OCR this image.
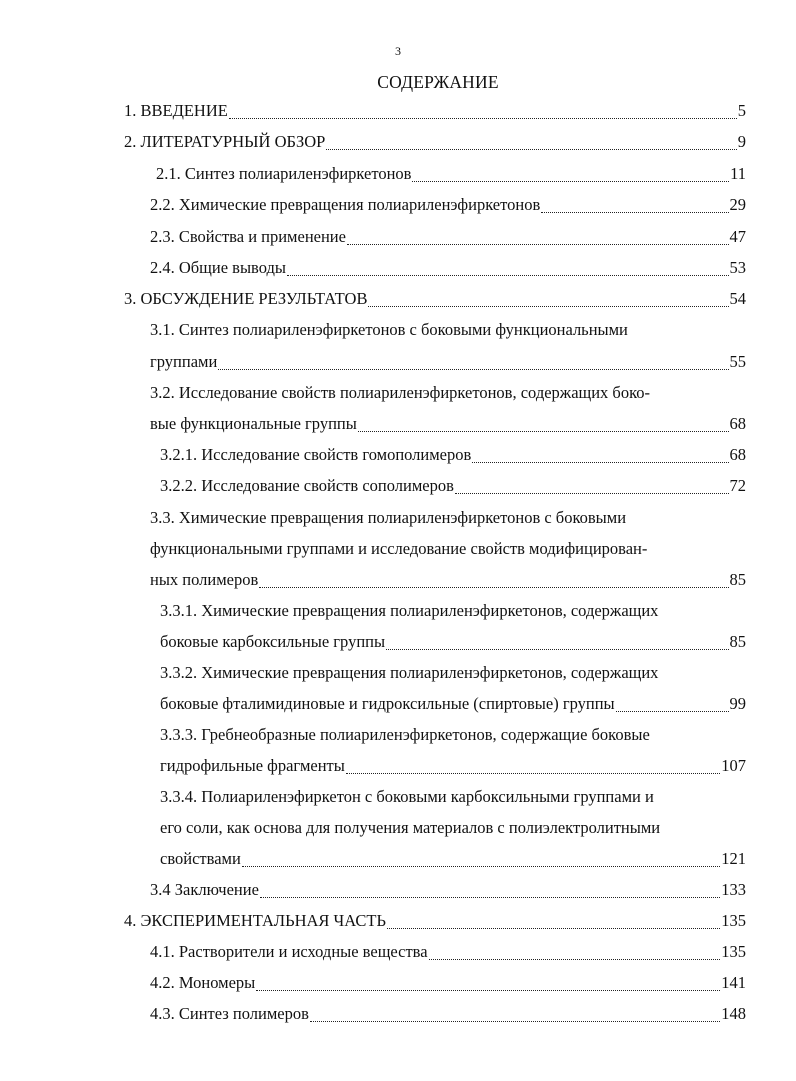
3
СОДЕРЖАНИЕ
1. ВВЕДЕНИЕ	5
2. ЛИТЕРАТУРНЫЙ ОБЗОР	9
2.1. Синтез полиариленэфиркетонов	11
2.2. Химические превращения полиариленэфиркетонов	29
2.3. Свойства и применение	47
2.4. Общие выводы	53
3. ОБСУЖДЕНИЕ РЕЗУЛЬТАТОВ	54
3.1. Синтез полиариленэфиркетонов с боковыми функциональными
группами	55
3.2. Исследование свойств полиариленэфиркетонов, содержащих боко-
вые функциональные группы	68
3.2.1. Исследование свойств гомополимеров	68
3.2.2. Исследование свойств сополимеров	72
3.3. Химические превращения полиариленэфиркетонов с боковыми
функциональными группами и исследование свойств модифицирован-
ных полимеров	85
3.3.1. Химические превращения полиариленэфиркетонов, содержащих
боковые карбоксильные группы	85
3.3.2. Химические превращения полиариленэфиркетонов, содержащих
боковые фталимидиновые и гидроксильные (спиртовые) группы	99
3.3.3. Гребнеобразные полиариленэфиркетонов, содержащие боковые
гидрофильные фрагменты	107
3.3.4. Полиариленэфиркетон с боковыми карбоксильными группами и
его соли, как основа для получения материалов с полиэлектролитными
свойствами	121
3.4 Заключение	133
4. ЭКСПЕРИМЕНТАЛЬНАЯ ЧАСТЬ	135
4.1. Растворители и исходные вещества	135
4.2. Мономеры	141
4.3. Синтез полимеров	148
